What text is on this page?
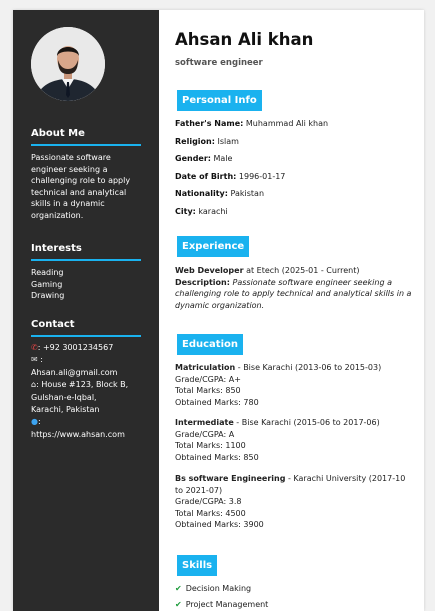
About Me
Passionate software engineer seeking a challenging role to apply technical and analytical skills in a dynamic organization.
Interests
Reading
Gaming
Drawing
Contact
✆: +92 3001234567
✉ :
Ahsan.ali@gmail.com
⌂: House #123, Block B,
Gulshan-e-Iqbal,
Karachi, Pakistan
●:
https://www.ahsan.com
Ahsan Ali khan
software engineer
Personal Info
Father's Name: Muhammad Ali khan
Religion: Islam
Gender: Male
Date of Birth: 1996-01-17
Nationality: Pakistan
City: karachi
Experience
Web Developer at Etech (2025-01 - Current)
Description: Passionate software engineer seeking a challenging role to apply technical and analytical skills in a dynamic organization.
Education
Matriculation - Bise Karachi (2013-06 to 2015-03)
Grade/CGPA: A+
Total Marks: 850
Obtained Marks: 780
Intermediate - Bise Karachi (2015-06 to 2017-06)
Grade/CGPA: A
Total Marks: 1100
Obtained Marks: 850
Bs software Engineering - Karachi University (2017-10 to 2021-07)
Grade/CGPA: 3.8
Total Marks: 4500
Obtained Marks: 3900
Skills
✔ Decision Making
✔ Project Management
